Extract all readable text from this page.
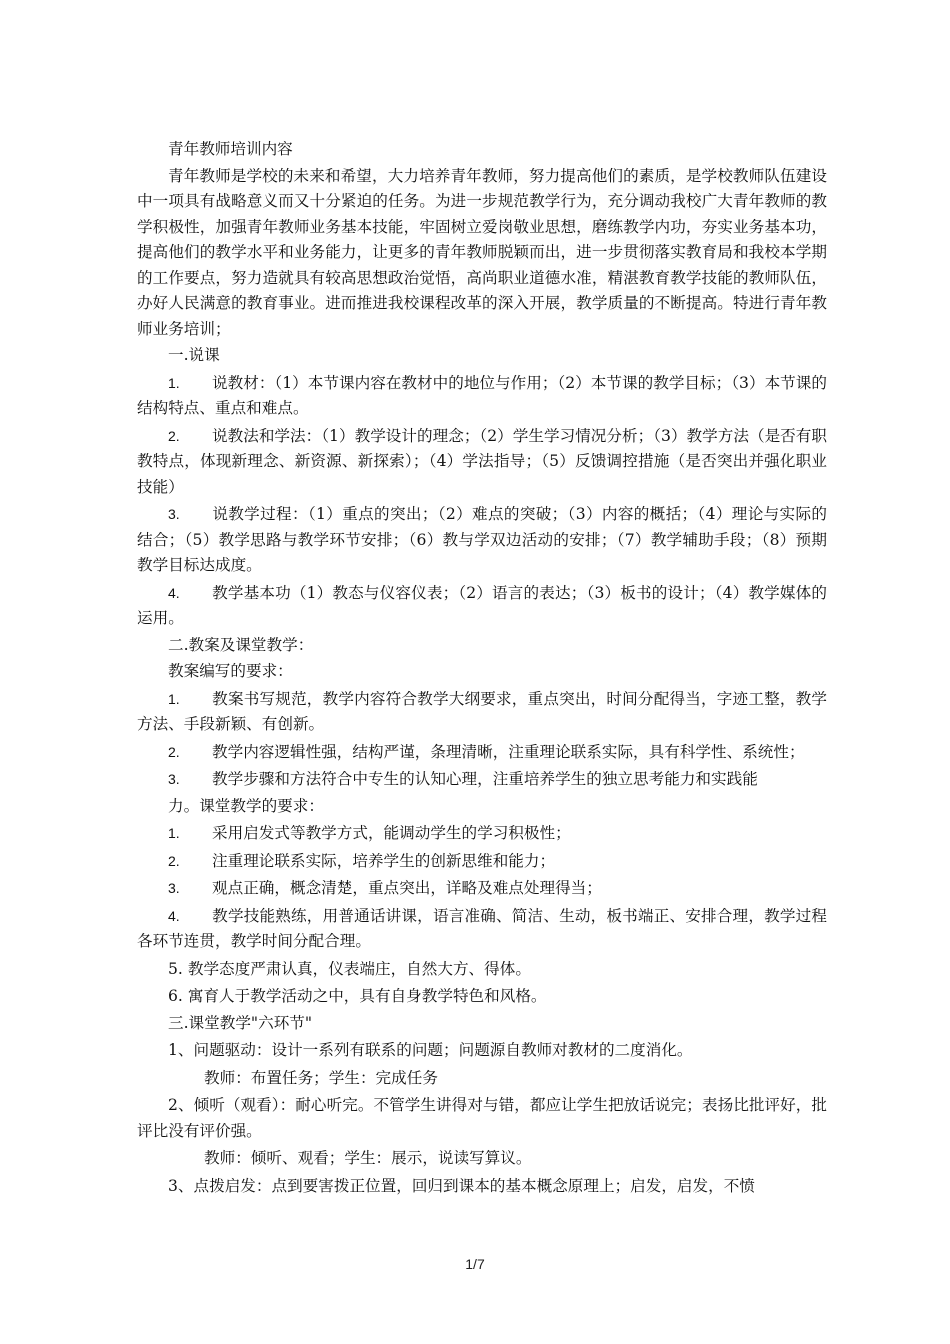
青年教师培训内容

青年教师是学校的未来和希望，大力培养青年教师，努力提高他们的素质，是学校教师队伍建设中一项具有战略意义而又十分紧迫的任务。为进一步规范教学行为，充分调动我校广大青年教师的教学积极性，加强青年教师业务基本技能，牢固树立爱岗敬业思想，磨练教学内功，夯实业务基本功，提高他们的教学水平和业务能力，让更多的青年教师脱颖而出，进一步贯彻落实教育局和我校本学期的工作要点，努力造就具有较高思想政治觉悟，高尚职业道德水准，精湛教育教学技能的教师队伍，办好人民满意的教育事业。进而推进我校课程改革的深入开展，教学质量的不断提高。特进行青年教师业务培训；

一.说课

1. 说教材：（1）本节课内容在教材中的地位与作用；（2）本节课的教学目标；（3）本节课的结构特点、重点和难点。

2. 说教法和学法：（1）教学设计的理念；（2）学生学习情况分析；（3）教学方法（是否有职教特点，体现新理念、新资源、新探索）；（4）学法指导；（5）反馈调控措施（是否突出并强化职业技能）

3. 说教学过程：（1）重点的突出；（2）难点的突破；（3）内容的概括；（4）理论与实际的结合；（5）教学思路与教学环节安排；（6）教与学双边活动的安排；（7）教学辅助手段；（8）预期教学目标达成度。

4. 教学基本功（1）教态与仪容仪表；（2）语言的表达；（3）板书的设计；（4）教学媒体的运用。

二.教案及课堂教学：

教案编写的要求：

1. 教案书写规范，教学内容符合教学大纲要求，重点突出，时间分配得当，字迹工整，教学方法、手段新颖、有创新。

2. 教学内容逻辑性强，结构严谨，条理清晰，注重理论联系实际，具有科学性、系统性；

3. 教学步骤和方法符合中专生的认知心理，注重培养学生的独立思考能力和实践能

力。课堂教学的要求：

1. 采用启发式等教学方式，能调动学生的学习积极性；

2. 注重理论联系实际，培养学生的创新思维和能力；

3. 观点正确，概念清楚，重点突出，详略及难点处理得当；

4. 教学技能熟练，用普通话讲课，语言准确、简洁、生动，板书端正、安排合理，教学过程各环节连贯，教学时间分配合理。

5. 教学态度严肃认真，仪表端庄，自然大方、得体。

6. 寓育人于教学活动之中，具有自身教学特色和风格。

三.课堂教学"六环节"

1、问题驱动：设计一系列有联系的问题；问题源自教师对教材的二度消化。

教师：布置任务；学生：完成任务

2、倾听（观看）：耐心听完。不管学生讲得对与错，都应让学生把放话说完；表扬比批评好，批评比没有评价强。

教师：倾听、观看；学生：展示，说读写算议。

3、点拨启发：点到要害拨正位置，回归到课本的基本概念原理上；启发，启发，不愤

1/7
